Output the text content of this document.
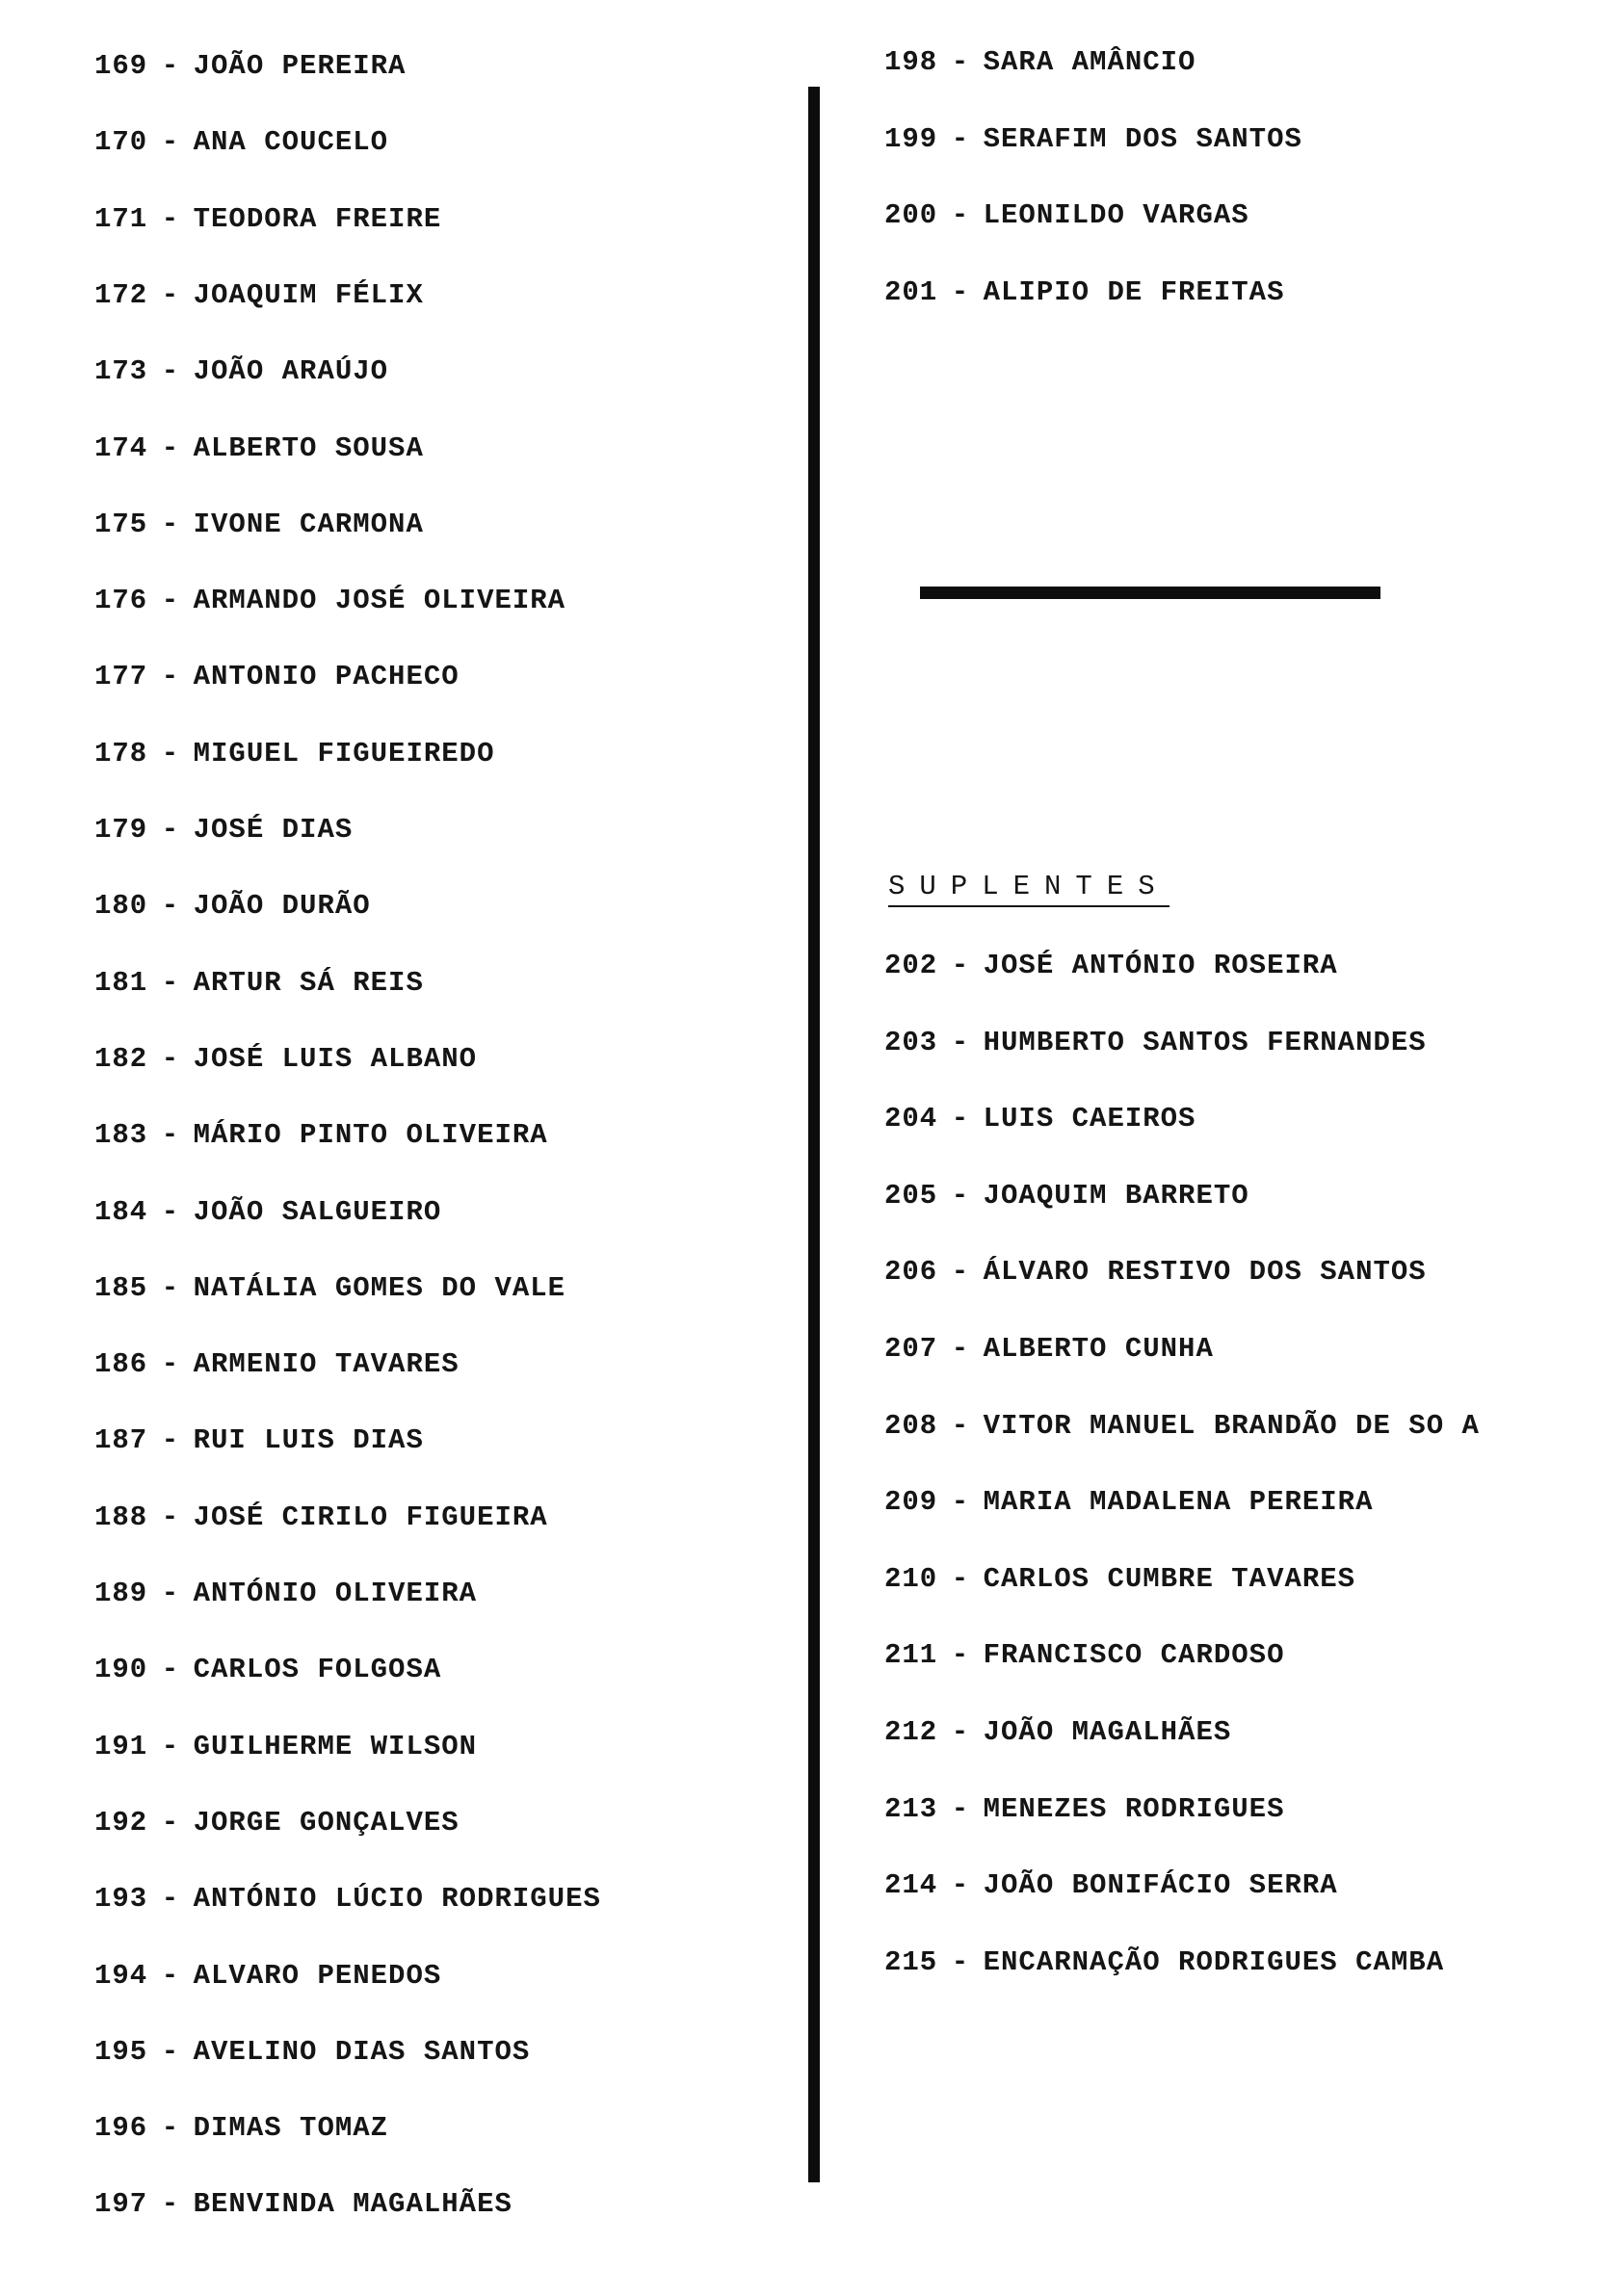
169 - JOÃO PEREIRA
170 - ANA COUCELO
171 - TEODORA FREIRE
172 - JOAQUIM FÉLIX
173 - JOÃO ARAÚJO
174 - ALBERTO SOUSA
175 - IVONE CARMONA
176 - ARMANDO JOSÉ OLIVEIRA
177 - ANTONIO PACHECO
178 - MIGUEL FIGUEIREDO
179 - JOSÉ DIAS
180 - JOÃO DURÃO
181 - ARTUR SÁ REIS
182 - JOSÉ LUIS ALBANO
183 - MÁRIO PINTO OLIVEIRA
184 - JOÃO SALGUEIRO
185 - NATÁLIA GOMES DO VALE
186 - ARMENIO TAVARES
187 - RUI LUIS DIAS
188 - JOSÉ CIRILO FIGUEIRA
189 - ANTÓNIO OLIVEIRA
190 - CARLOS FOLGOSA
191 - GUILHERME WILSON
192 - JORGE GONÇALVES
193 - ANTÓNIO LÚCIO RODRIGUES
194 - ALVARO PENEDOS
195 - AVELINO DIAS SANTOS
196 - DIMAS TOMAZ
197 - BENVINDA MAGALHÃES
198 - SARA AMÂNCIO
199 - SERAFIM DOS SANTOS
200 - LEONILDO VARGAS
201 - ALIPIO DE FREITAS
202 - JOSÉ ANTÓNIO ROSEIRA
203 - HUMBERTO SANTOS FERNANDES
204 - LUIS CAEIROS
205 - JOAQUIM BARRETO
206 - ÁLVARO RESTIVO DOS SANTOS
207 - ALBERTO CUNHA
208 - VITOR MANUEL BRANDÃO DE SO A
209 - MARIA MADALENA PEREIRA
210 - CARLOS CUMBRE TAVARES
211 - FRANCISCO CARDOSO
212 - JOÃO MAGALHÃES
213 - MENEZES RODRIGUES
214 - JOÃO BONIFÁCIO SERRA
215 - ENCARNAÇÃO RODRIGUES CAMBA
SUPLENTES
